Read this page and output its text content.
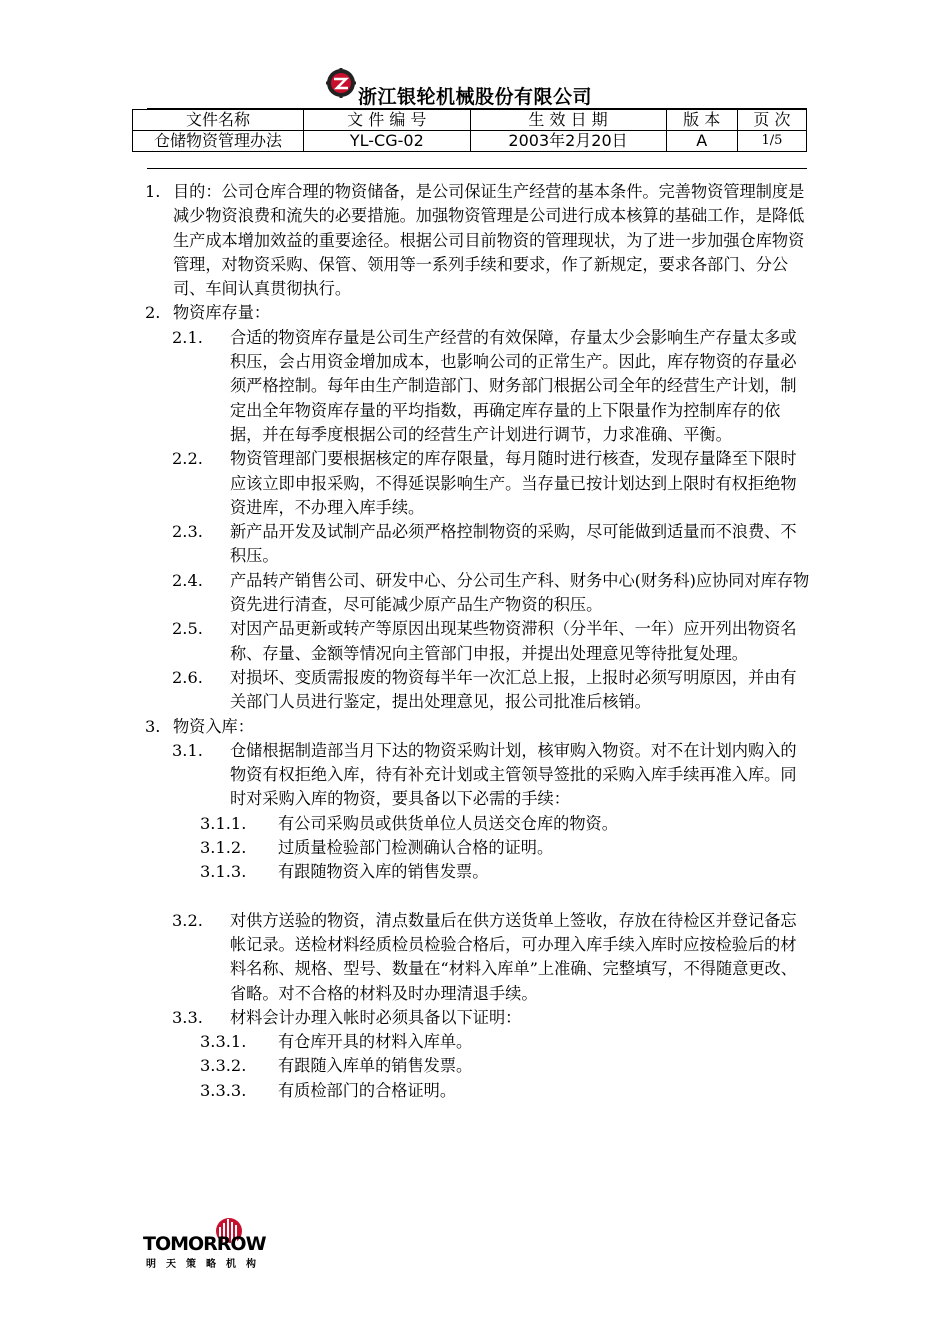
浙江银轮机械股份有限公司
文件名称	文 件 编 号	生 效 日 期	版 本	页 次
仓储物资管理办法	YL-CG-02	2003年2月20日	A	1/5
1. 目的：公司仓库合理的物资储备，是公司保证生产经营的基本条件。完善物资管理制度是减少物资浪费和流失的必要措施。加强物资管理是公司进行成本核算的基础工作，是降低生产成本增加效益的重要途径。根据公司目前物资的管理现状，为了进一步加强仓库物资管理，对物资采购、保管、领用等一系列手续和要求，作了新规定，要求各部门、分公司、车间认真贯彻执行。
2. 物资库存量：
2.1.	合适的物资库存量是公司生产经营的有效保障，存量太少会影响生产存量太多或积压，会占用资金增加成本，也影响公司的正常生产。因此，库存物资的存量必须严格控制。每年由生产制造部门、财务部门根据公司全年的经营生产计划，制定出全年物资库存量的平均指数，再确定库存量的上下限量作为控制库存的依据，并在每季度根据公司的经营生产计划进行调节，力求准确、平衡。
2.2.	物资管理部门要根据核定的库存限量，每月随时进行核查，发现存量降至下限时应该立即申报采购，不得延误影响生产。当存量已按计划达到上限时有权拒绝物资进库，不办理入库手续。
2.3.	新产品开发及试制产品必须严格控制物资的采购，尽可能做到适量而不浪费、不积压。
2.4.	产品转产销售公司、研发中心、分公司生产科、财务中心(财务科)应协同对库存物资先进行清查，尽可能减少原产品生产物资的积压。
2.5.	对因产品更新或转产等原因出现某些物资滞积（分半年、一年）应开列出物资名称、存量、金额等情况向主管部门申报，并提出处理意见等待批复处理。
2.6.	对损坏、变质需报废的物资每半年一次汇总上报，上报时必须写明原因，并由有关部门人员进行鉴定，提出处理意见，报公司批准后核销。
3. 物资入库：
3.1.	仓储根据制造部当月下达的物资采购计划，核审购入物资。对不在计划内购入的物资有权拒绝入库，待有补充计划或主管领导签批的采购入库手续再准入库。同时对采购入库的物资，要具备以下必需的手续：
3.1.1.	有公司采购员或供货单位人员送交仓库的物资。
3.1.2.	过质量检验部门检测确认合格的证明。
3.1.3.	有跟随物资入库的销售发票。
3.2.	对供方送验的物资，清点数量后在供方送货单上签收，存放在待检区并登记备忘帐记录。送检材料经质检员检验合格后，可办理入库手续入库时应按检验后的材料名称、规格、型号、数量在“材料入库单”上准确、完整填写，不得随意更改、省略。对不合格的材料及时办理清退手续。
3.3.	材料会计办理入帐时必须具备以下证明：
3.3.1.	有仓库开具的材料入库单。
3.3.2.	有跟随入库单的销售发票。
3.3.3.	有质检部门的合格证明。
TOMORROW
明天策略机构
